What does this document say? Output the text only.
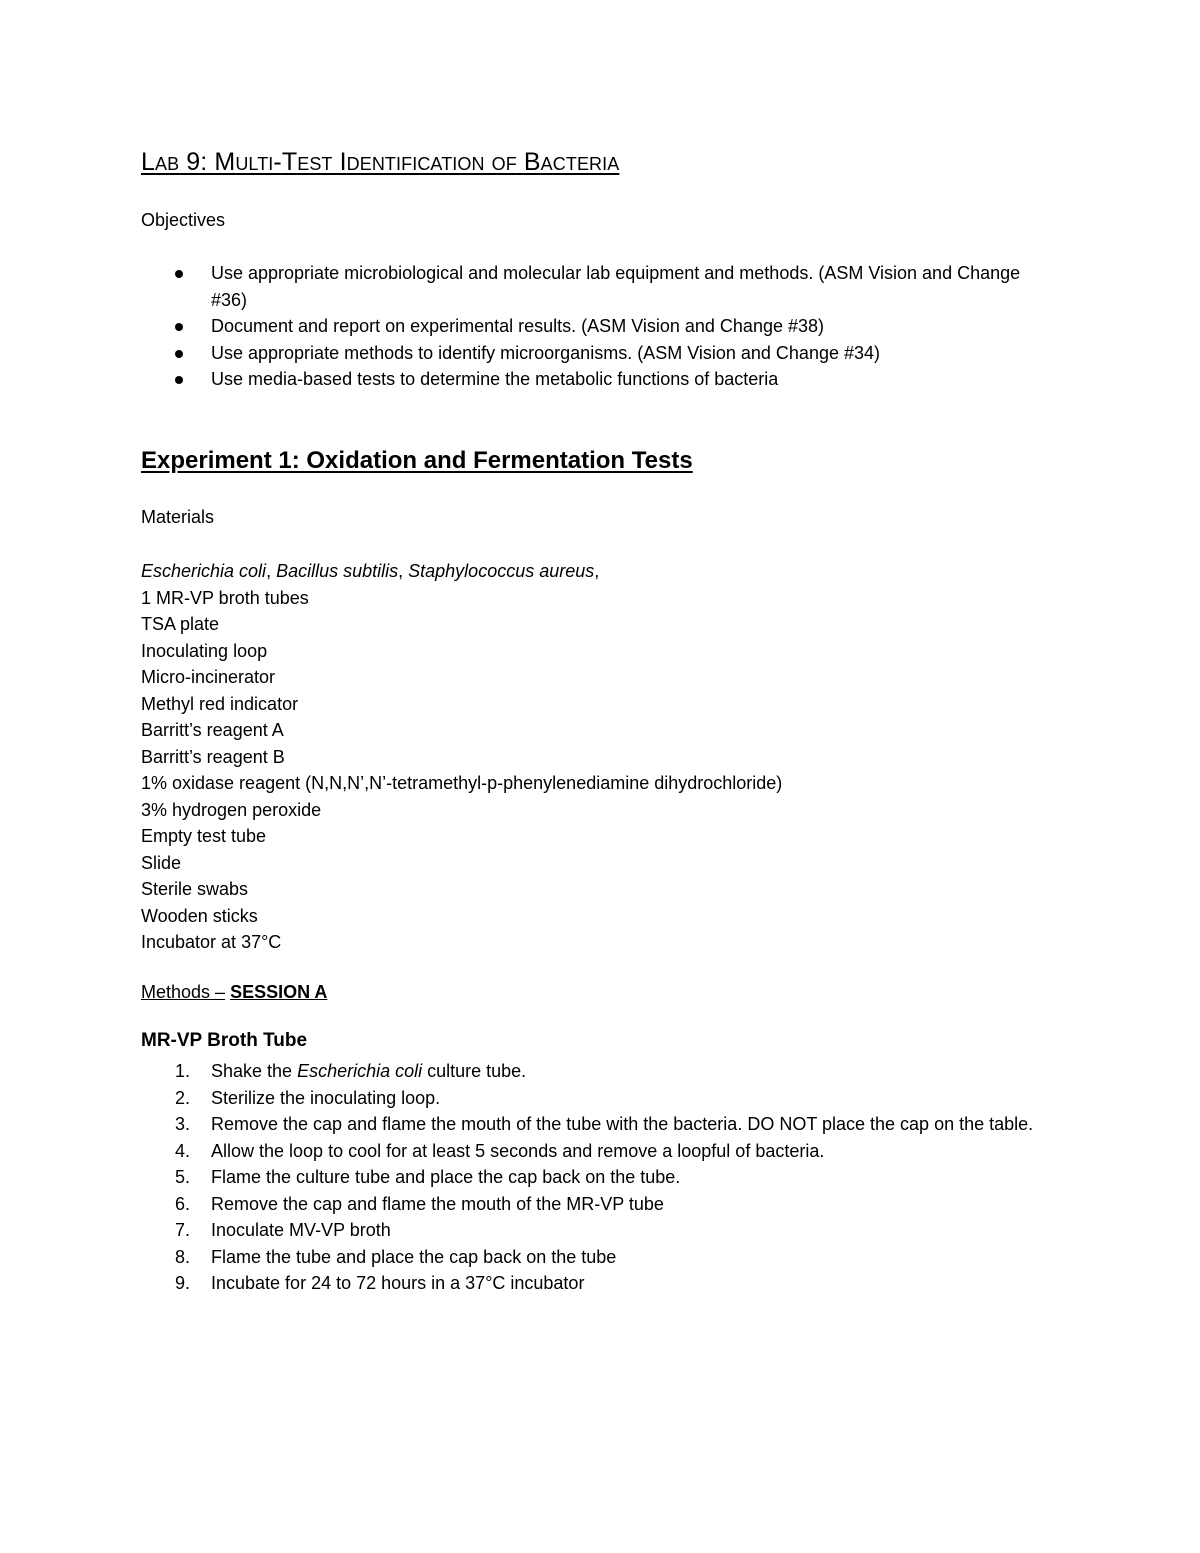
Lab 9: Multi-Test Identification of Bacteria
Objectives
Use appropriate microbiological and molecular lab equipment and methods. (ASM Vision and Change #36)
Document and report on experimental results. (ASM Vision and Change #38)
Use appropriate methods to identify microorganisms. (ASM Vision and Change #34)
Use media-based tests to determine the metabolic functions of bacteria
Experiment 1: Oxidation and Fermentation Tests
Materials
Escherichia coli, Bacillus subtilis, Staphylococcus aureus,
1 MR-VP broth tubes
TSA plate
Inoculating loop
Micro-incinerator
Methyl red indicator
Barritt’s reagent A
Barritt’s reagent B
1% oxidase reagent (N,N,N’,N’-tetramethyl-p-phenylenediamine dihydrochloride)
3% hydrogen peroxide
Empty test tube
Slide
Sterile swabs
Wooden sticks
Incubator at 37°C
Methods – SESSION A
MR-VP Broth Tube
1. Shake the Escherichia coli culture tube.
2. Sterilize the inoculating loop.
3. Remove the cap and flame the mouth of the tube with the bacteria. DO NOT place the cap on the table.
4. Allow the loop to cool for at least 5 seconds and remove a loopful of bacteria.
5. Flame the culture tube and place the cap back on the tube.
6. Remove the cap and flame the mouth of the MR-VP tube
7. Inoculate MV-VP broth
8. Flame the tube and place the cap back on the tube
9. Incubate for 24 to 72 hours in a 37°C incubator
